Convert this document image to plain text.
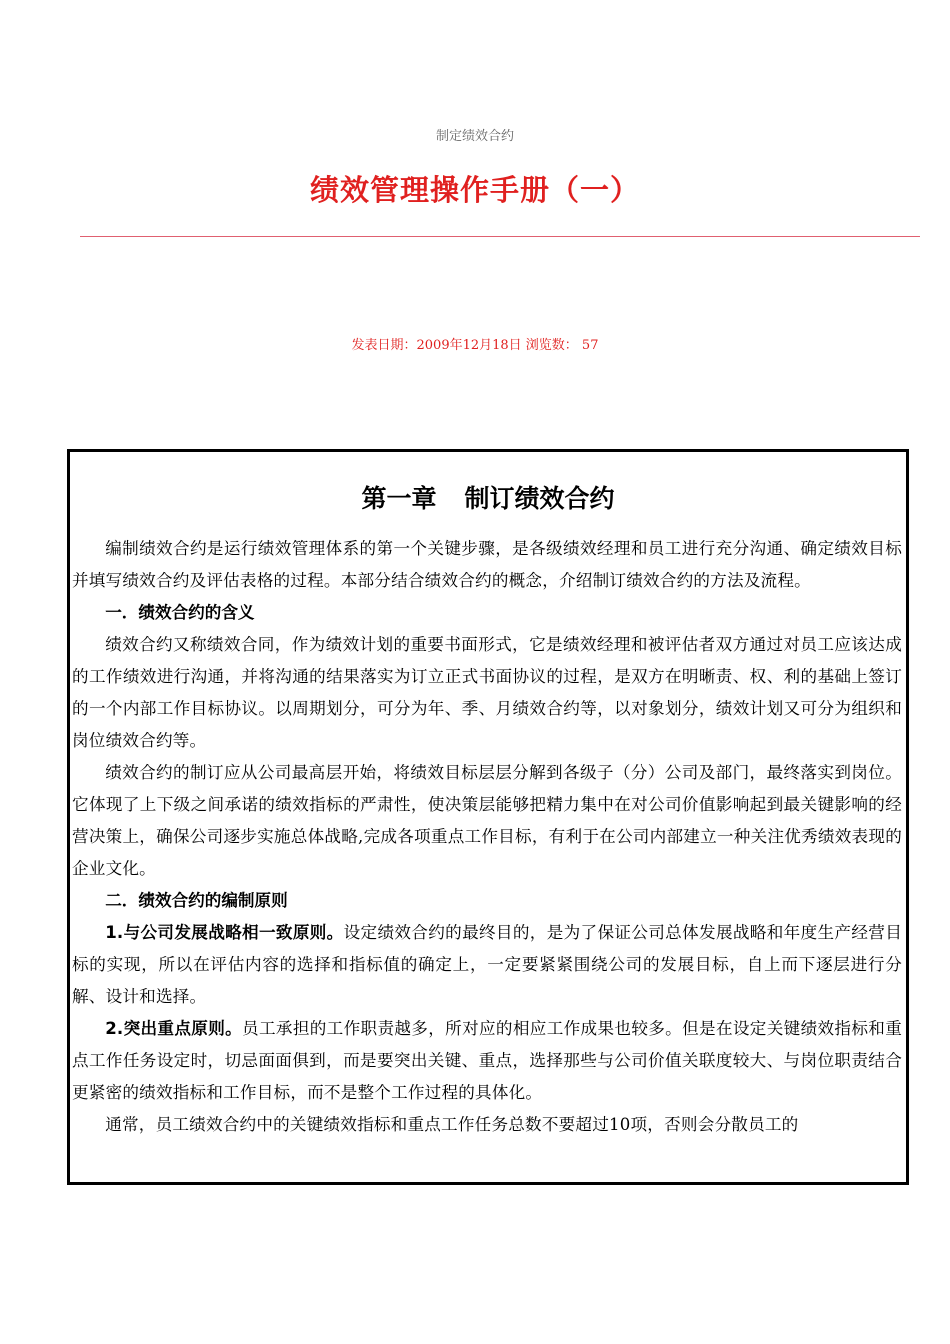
制定绩效合约
绩效管理操作手册（一）
发表日期：2009年12月18日 浏览数： 57
第一章 制订绩效合约

编制绩效合约是运行绩效管理体系的第一个关键步骤，是各级绩效经理和员工进行充分沟通、确定绩效目标并填写绩效合约及评估表格的过程。本部分结合绩效合约的概念，介绍制订绩效合约的方法及流程。

一．绩效合约的含义

绩效合约又称绩效合同，作为绩效计划的重要书面形式，它是绩效经理和被评估者双方通过对员工应该达成的工作绩效进行沟通，并将沟通的结果落实为订立正式书面协议的过程，是双方在明晰责、权、利的基础上签订的一个内部工作目标协议。以周期划分，可分为年、季、月绩效合约等，以对象划分，绩效计划又可分为组织和岗位绩效合约等。

绩效合约的制订应从公司最高层开始，将绩效目标层层分解到各级子（分）公司及部门，最终落实到岗位。它体现了上下级之间承诺的绩效指标的严肃性，使决策层能够把精力集中在对公司价值影响起到最关键影响的经营决策上，确保公司逐步实施总体战略,完成各项重点工作目标，有利于在公司内部建立一种关注优秀绩效表现的企业文化。

二．绩效合约的编制原则

1.与公司发展战略相一致原则。设定绩效合约的最终目的，是为了保证公司总体发展战略和年度生产经营目标的实现，所以在评估内容的选择和指标值的确定上，一定要紧紧围绕公司的发展目标，自上而下逐层进行分解、设计和选择。

2.突出重点原则。员工承担的工作职责越多，所对应的相应工作成果也较多。但是在设定关键绩效指标和重点工作任务设定时，切忌面面俱到，而是要突出关键、重点，选择那些与公司价值关联度较大、与岗位职责结合更紧密的绩效指标和工作目标，而不是整个工作过程的具体化。

通常，员工绩效合约中的关键绩效指标和重点工作任务总数不要超过10项，否则会分散员工的
